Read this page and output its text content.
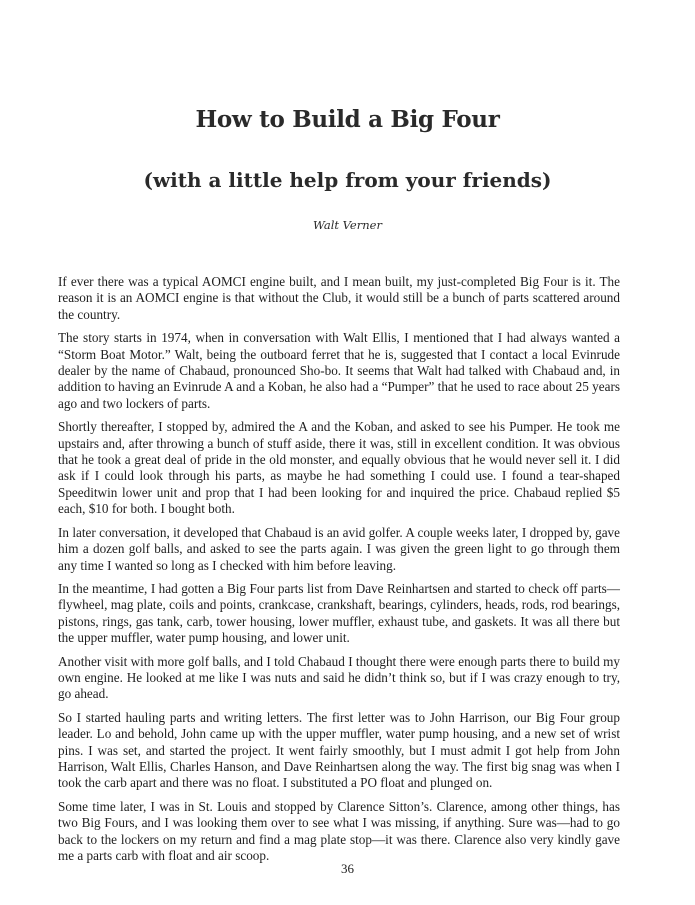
How to Build a Big Four
(with a little help from your friends)

Walt Verner

If ever there was a typical AOMCI engine built, and I mean built, my just-completed Big Four is it. The reason it is an AOMCI engine is that without the Club, it would still be a bunch of parts scattered around the country.

The story starts in 1974, when in conversation with Walt Ellis, I mentioned that I had always wanted a “Storm Boat Motor.” Walt, being the outboard ferret that he is, suggested that I contact a local Evinrude dealer by the name of Chabaud, pronounced Sho-bo. It seems that Walt had talked with Chabaud and, in addition to having an Evinrude A and a Koban, he also had a “Pumper” that he used to race about 25 years ago and two lockers of parts.

Shortly thereafter, I stopped by, admired the A and the Koban, and asked to see his Pumper. He took me upstairs and, after throwing a bunch of stuff aside, there it was, still in excellent condition. It was obvious that he took a great deal of pride in the old monster, and equally obvious that he would never sell it. I did ask if I could look through his parts, as maybe he had something I could use. I found a tear-shaped Speeditwin lower unit and prop that I had been looking for and inquired the price. Chabaud replied $5 each, $10 for both. I bought both.

In later conversation, it developed that Chabaud is an avid golfer. A couple weeks later, I dropped by, gave him a dozen golf balls, and asked to see the parts again. I was given the green light to go through them any time I wanted so long as I checked with him before leaving.

In the meantime, I had gotten a Big Four parts list from Dave Reinhartsen and started to check off parts—flywheel, mag plate, coils and points, crankcase, crankshaft, bearings, cylinders, heads, rods, rod bearings, pistons, rings, gas tank, carb, tower housing, lower muffler, exhaust tube, and gaskets. It was all there but the upper muffler, water pump housing, and lower unit.

Another visit with more golf balls, and I told Chabaud I thought there were enough parts there to build my own engine. He looked at me like I was nuts and said he didn’t think so, but if I was crazy enough to try, go ahead.

So I started hauling parts and writing letters. The first letter was to John Harrison, our Big Four group leader. Lo and behold, John came up with the upper muffler, water pump housing, and a new set of wrist pins. I was set, and started the project. It went fairly smoothly, but I must admit I got help from John Harrison, Walt Ellis, Charles Hanson, and Dave Reinhartsen along the way. The first big snag was when I took the carb apart and there was no float. I substituted a PO float and plunged on.

Some time later, I was in St. Louis and stopped by Clarence Sitton’s. Clarence, among other things, has two Big Fours, and I was looking them over to see what I was missing, if anything. Sure was—had to go back to the lockers on my return and find a mag plate stop—it was there. Clarence also very kindly gave me a parts carb with float and air scoop.

36
